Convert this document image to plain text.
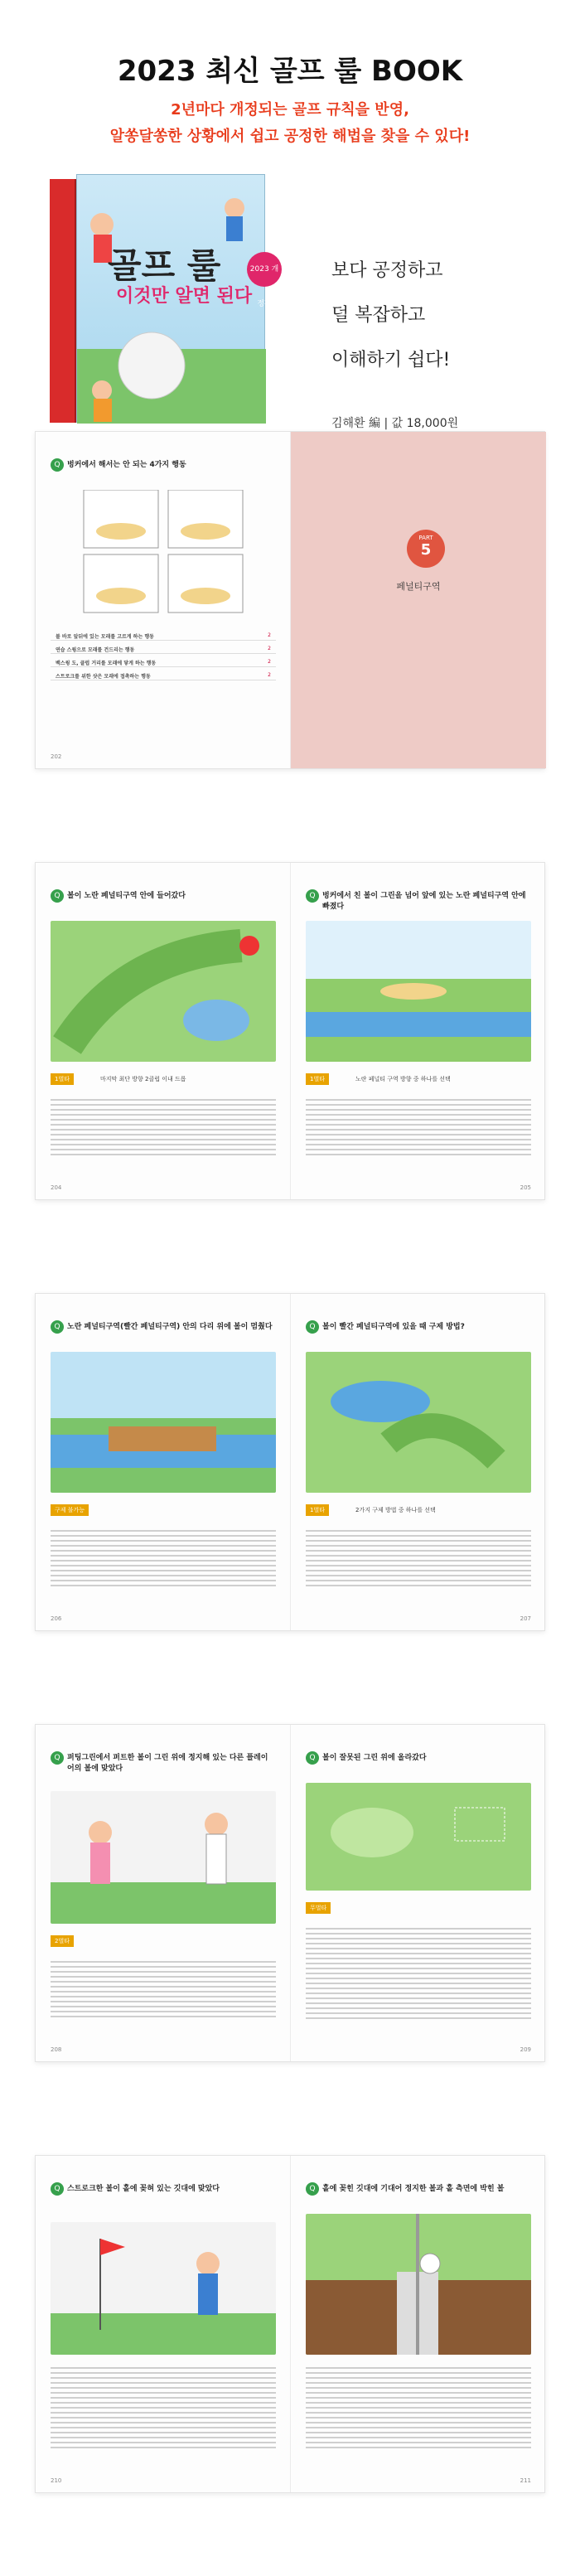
2023 최신 골프 룰 BOOK

2년마다 개정되는 골프 규칙을 반영,

알쏭달쏭한 상황에서 쉽고 공정한 해법을 찾을 수 있다!

골프 룰
이것만 알면 된다
2023 개정판
보다 공정하고
덜 복잡하고
이해하기 쉽다!
김해환 編 | 값 18,000원
Q 벙커에서 해서는 안 되는 4가지 행동
볼 바로 앞뒤에 있는 모래를 고르게 하는 행동	2
연습 스윙으로 모래를 건드리는 행동	2
백스윙 도, 클럽 거리를 모래에 닿게 하는 행동	2
스트로크를 위한 샷은 모래에 접촉하는 행동	2
202
PART
5
페널티구역
Q 볼이 노란 페널티구역 안에 들어갔다
1벌타	마지막 최단 방향 2클럽 이내 드롭
204
Q 벙커에서 친 볼이 그린을 넘어 앞에 있는 노란 페널티구역 안에 빠졌다
1벌타	노란 페널티 구역 방향 중 하나를 선택
205
Q 노란 페널티구역(빨간 페널티구역) 안의 다리 위에 볼이 멈췄다
구제 불가능
206
Q 볼이 빨간 페널티구역에 있을 때 구제 방법?
1벌타	2가지 구제 방법 중 하나를 선택
207
Q 퍼팅그린에서 퍼트한 볼이 그린 위에 정지해 있는 다른 플레이어의 볼에 맞았다
2벌타
208
Q 볼이 잘못된 그린 위에 올라갔다
무벌타
209
Q 스트로크한 볼이 홀에 꽂혀 있는 깃대에 맞았다
210
Q 홀에 꽂힌 깃대에 기대어 정지한 볼과 홀 측면에 박힌 볼
211
